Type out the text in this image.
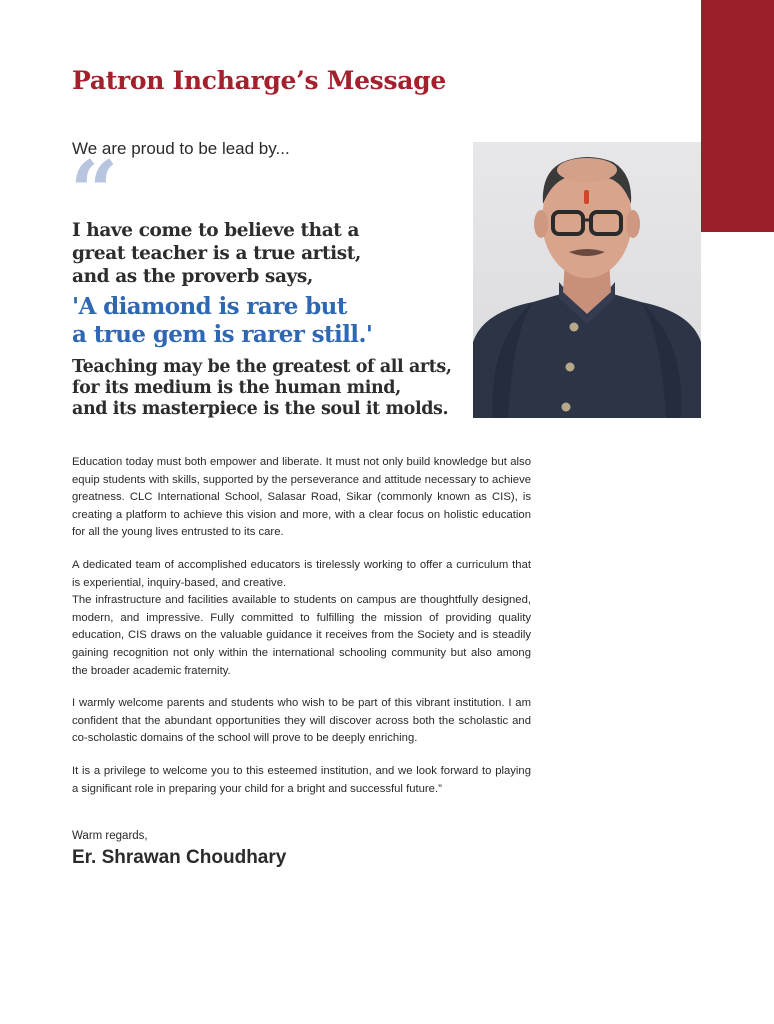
Patron Incharge’s Message
We are proud to be lead by...
“
I have come to believe that a
great teacher is a true artist,
and as the proverb says,
'A diamond is rare but
a true gem is rarer still.'
Teaching may be the greatest of all arts,
for its medium is the human mind,
and its masterpiece is the soul it molds.

Education today must both empower and liberate. It must not only build knowledge but also equip students with skills, supported by the perseverance and attitude necessary to achieve greatness. CLC International School, Salasar Road, Sikar (commonly known as CIS), is creating a platform to achieve this vision and more, with a clear focus on holistic education for all the young lives entrusted to its care.

A dedicated team of accomplished educators is tirelessly working to offer a curriculum that is experiential, inquiry-based, and creative.

The infrastructure and facilities available to students on campus are thoughtfully designed, modern, and impressive. Fully committed to fulfilling the mission of providing quality education, CIS draws on the valuable guidance it receives from the Society and is steadily gaining recognition not only within the international schooling community but also among the broader academic fraternity.

I warmly welcome parents and students who wish to be part of this vibrant institution. I am confident that the abundant opportunities they will discover across both the scholastic and co-scholastic domains of the school will prove to be deeply enriching.

It is a privilege to welcome you to this esteemed institution, and we look forward to playing a significant role in preparing your child for a bright and successful future.”

Warm regards,
Er. Shrawan Choudhary
